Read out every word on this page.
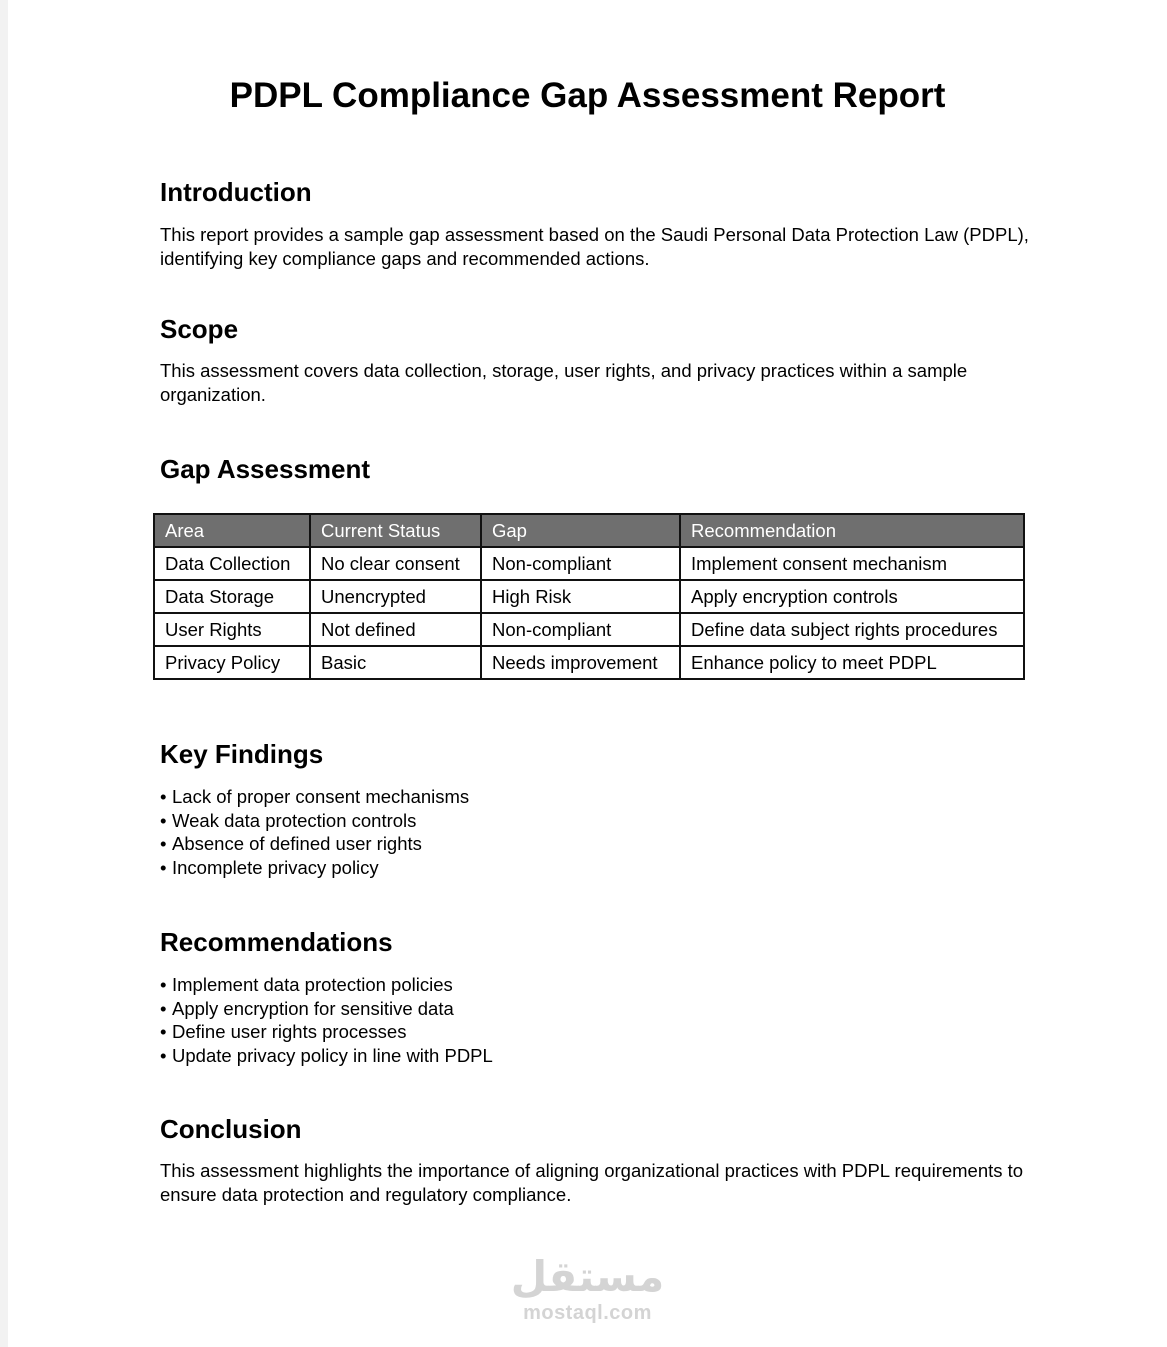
PDPL Compliance Gap Assessment Report
Introduction

This report provides a sample gap assessment based on the Saudi Personal Data Protection Law (PDPL), identifying key compliance gaps and recommended actions.

Scope

This assessment covers data collection, storage, user rights, and privacy practices within a sample organization.

Gap Assessment
Area	Current Status	Gap	Recommendation
Data Collection	No clear consent	Non-compliant	Implement consent mechanism
Data Storage	Unencrypted	High Risk	Apply encryption controls
User Rights	Not defined	Non-compliant	Define data subject rights procedures
Privacy Policy	Basic	Needs improvement	Enhance policy to meet PDPL
Key Findings
• Lack of proper consent mechanisms
• Weak data protection controls
• Absence of defined user rights
• Incomplete privacy policy
Recommendations
• Implement data protection policies
• Apply encryption for sensitive data
• Define user rights processes
• Update privacy policy in line with PDPL
Conclusion

This assessment highlights the importance of aligning organizational practices with PDPL requirements to ensure data protection and regulatory compliance.

مستقل
mostaql.com
